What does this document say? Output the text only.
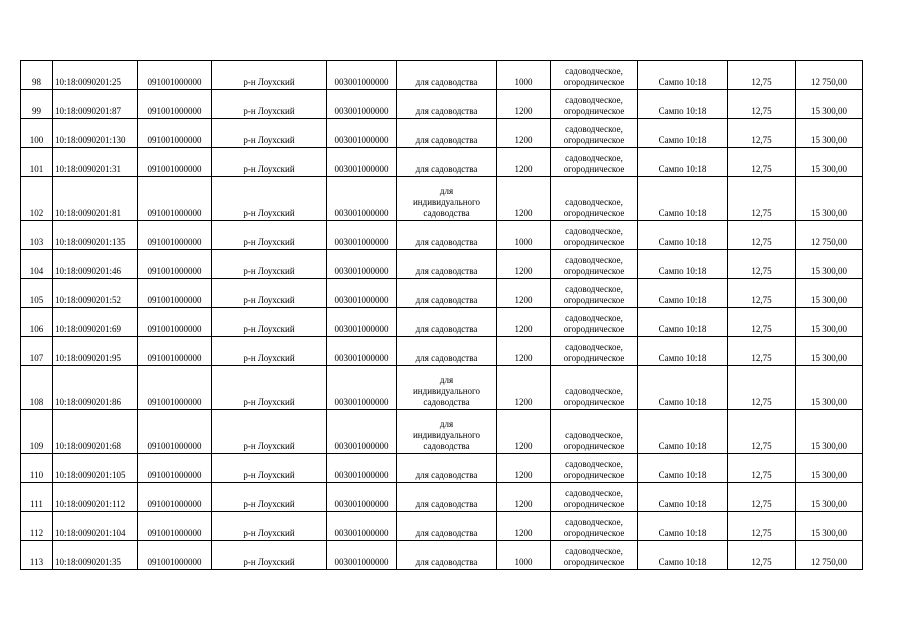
98	10:18:0090201:25	091001000000	р-н Лоухский	003001000000	для садоводства	1000	садоводческое,
огородническое	Сампо 10:18	12,75	12 750,00
99	10:18:0090201:87	091001000000	р-н Лоухский	003001000000	для садоводства	1200	садоводческое,
огородническое	Сампо 10:18	12,75	15 300,00
100	10:18:0090201:130	091001000000	р-н Лоухский	003001000000	для садоводства	1200	садоводческое,
огородническое	Сампо 10:18	12,75	15 300,00
101	10:18:0090201:31	091001000000	р-н Лоухский	003001000000	для садоводства	1200	садоводческое,
огородническое	Сампо 10:18	12,75	15 300,00
102	10:18:0090201:81	091001000000	р-н Лоухский	003001000000	для
индивидуального
садоводства	1200	садоводческое,
огородническое	Сампо 10:18	12,75	15 300,00
103	10:18:0090201:135	091001000000	р-н Лоухский	003001000000	для садоводства	1000	садоводческое,
огородническое	Сампо 10:18	12,75	12 750,00
104	10:18:0090201:46	091001000000	р-н Лоухский	003001000000	для садоводства	1200	садоводческое,
огородническое	Сампо 10:18	12,75	15 300,00
105	10:18:0090201:52	091001000000	р-н Лоухский	003001000000	для садоводства	1200	садоводческое,
огородническое	Сампо 10:18	12,75	15 300,00
106	10:18:0090201:69	091001000000	р-н Лоухский	003001000000	для садоводства	1200	садоводческое,
огородническое	Сампо 10:18	12,75	15 300,00
107	10:18:0090201:95	091001000000	р-н Лоухский	003001000000	для садоводства	1200	садоводческое,
огородническое	Сампо 10:18	12,75	15 300,00
108	10:18:0090201:86	091001000000	р-н Лоухский	003001000000	для
индивидуального
садоводства	1200	садоводческое,
огородническое	Сампо 10:18	12,75	15 300,00
109	10:18:0090201:68	091001000000	р-н Лоухский	003001000000	для
индивидуального
садоводства	1200	садоводческое,
огородническое	Сампо 10:18	12,75	15 300,00
110	10:18:0090201:105	091001000000	р-н Лоухский	003001000000	для садоводства	1200	садоводческое,
огородническое	Сампо 10:18	12,75	15 300,00
111	10:18:0090201:112	091001000000	р-н Лоухский	003001000000	для садоводства	1200	садоводческое,
огородническое	Сампо 10:18	12,75	15 300,00
112	10:18:0090201:104	091001000000	р-н Лоухский	003001000000	для садоводства	1200	садоводческое,
огородническое	Сампо 10:18	12,75	15 300,00
113	10:18:0090201:35	091001000000	р-н Лоухский	003001000000	для садоводства	1000	садоводческое,
огородническое	Сампо 10:18	12,75	12 750,00
